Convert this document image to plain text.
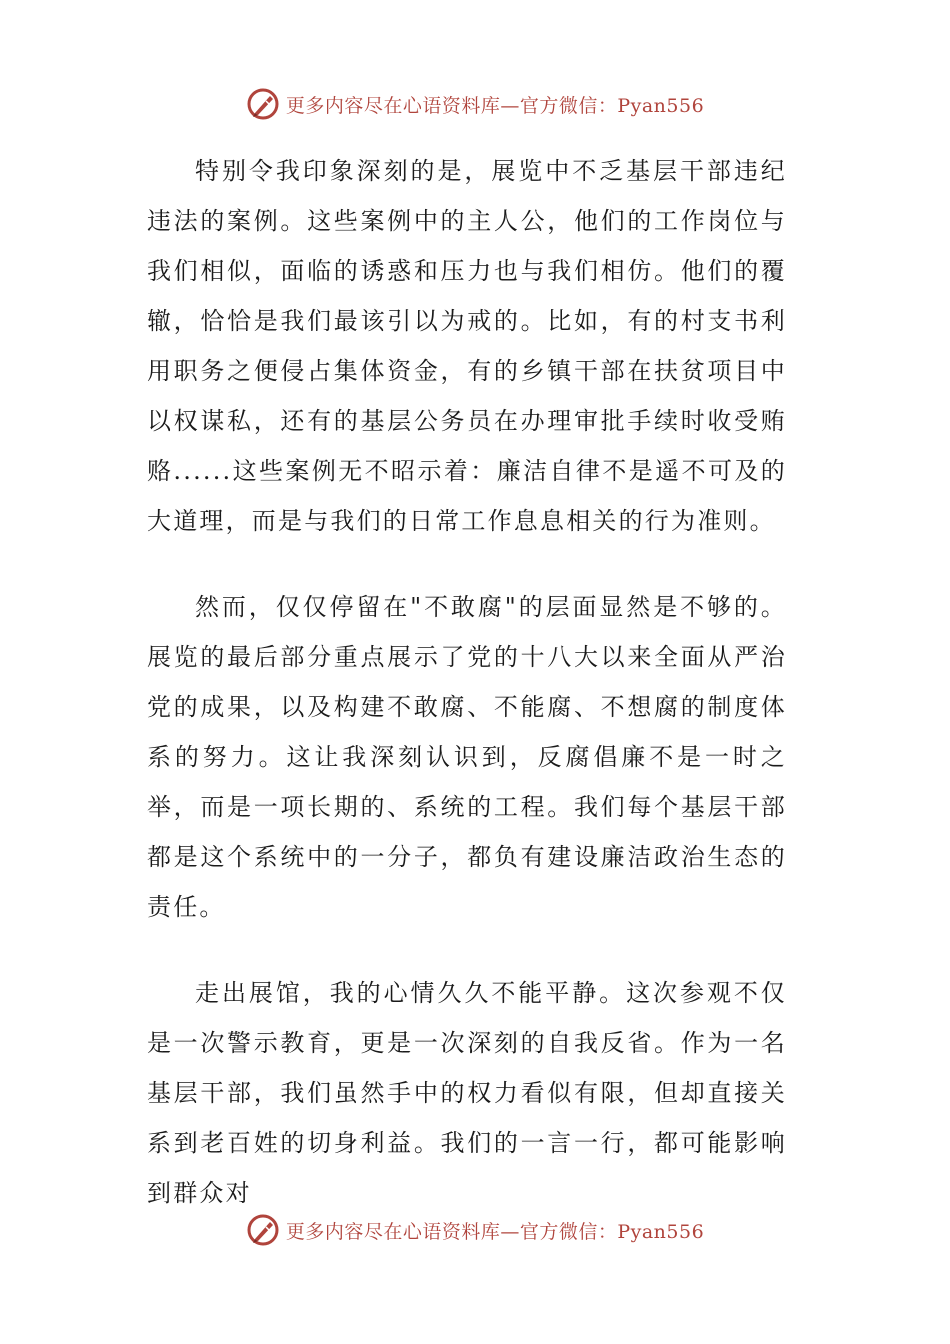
更多内容尽在心语资料库—官方微信：Pyan556

特别令我印象深刻的是，展览中不乏基层干部违纪违法的案例。这些案例中的主人公，他们的工作岗位与我们相似，面临的诱惑和压力也与我们相仿。他们的覆辙，恰恰是我们最该引以为戒的。比如，有的村支书利用职务之便侵占集体资金，有的乡镇干部在扶贫项目中以权谋私，还有的基层公务员在办理审批手续时收受贿赂......这些案例无不昭示着：廉洁自律不是遥不可及的大道理，而是与我们的日常工作息息相关的行为准则。

然而，仅仅停留在"不敢腐"的层面显然是不够的。展览的最后部分重点展示了党的十八大以来全面从严治党的成果，以及构建不敢腐、不能腐、不想腐的制度体系的努力。这让我深刻认识到，反腐倡廉不是一时之举，而是一项长期的、系统的工程。我们每个基层干部都是这个系统中的一分子，都负有建设廉洁政治生态的责任。

走出展馆，我的心情久久不能平静。这次参观不仅是一次警示教育，更是一次深刻的自我反省。作为一名基层干部，我们虽然手中的权力看似有限，但却直接关系到老百姓的切身利益。我们的一言一行，都可能影响到群众对

更多内容尽在心语资料库—官方微信：Pyan556
